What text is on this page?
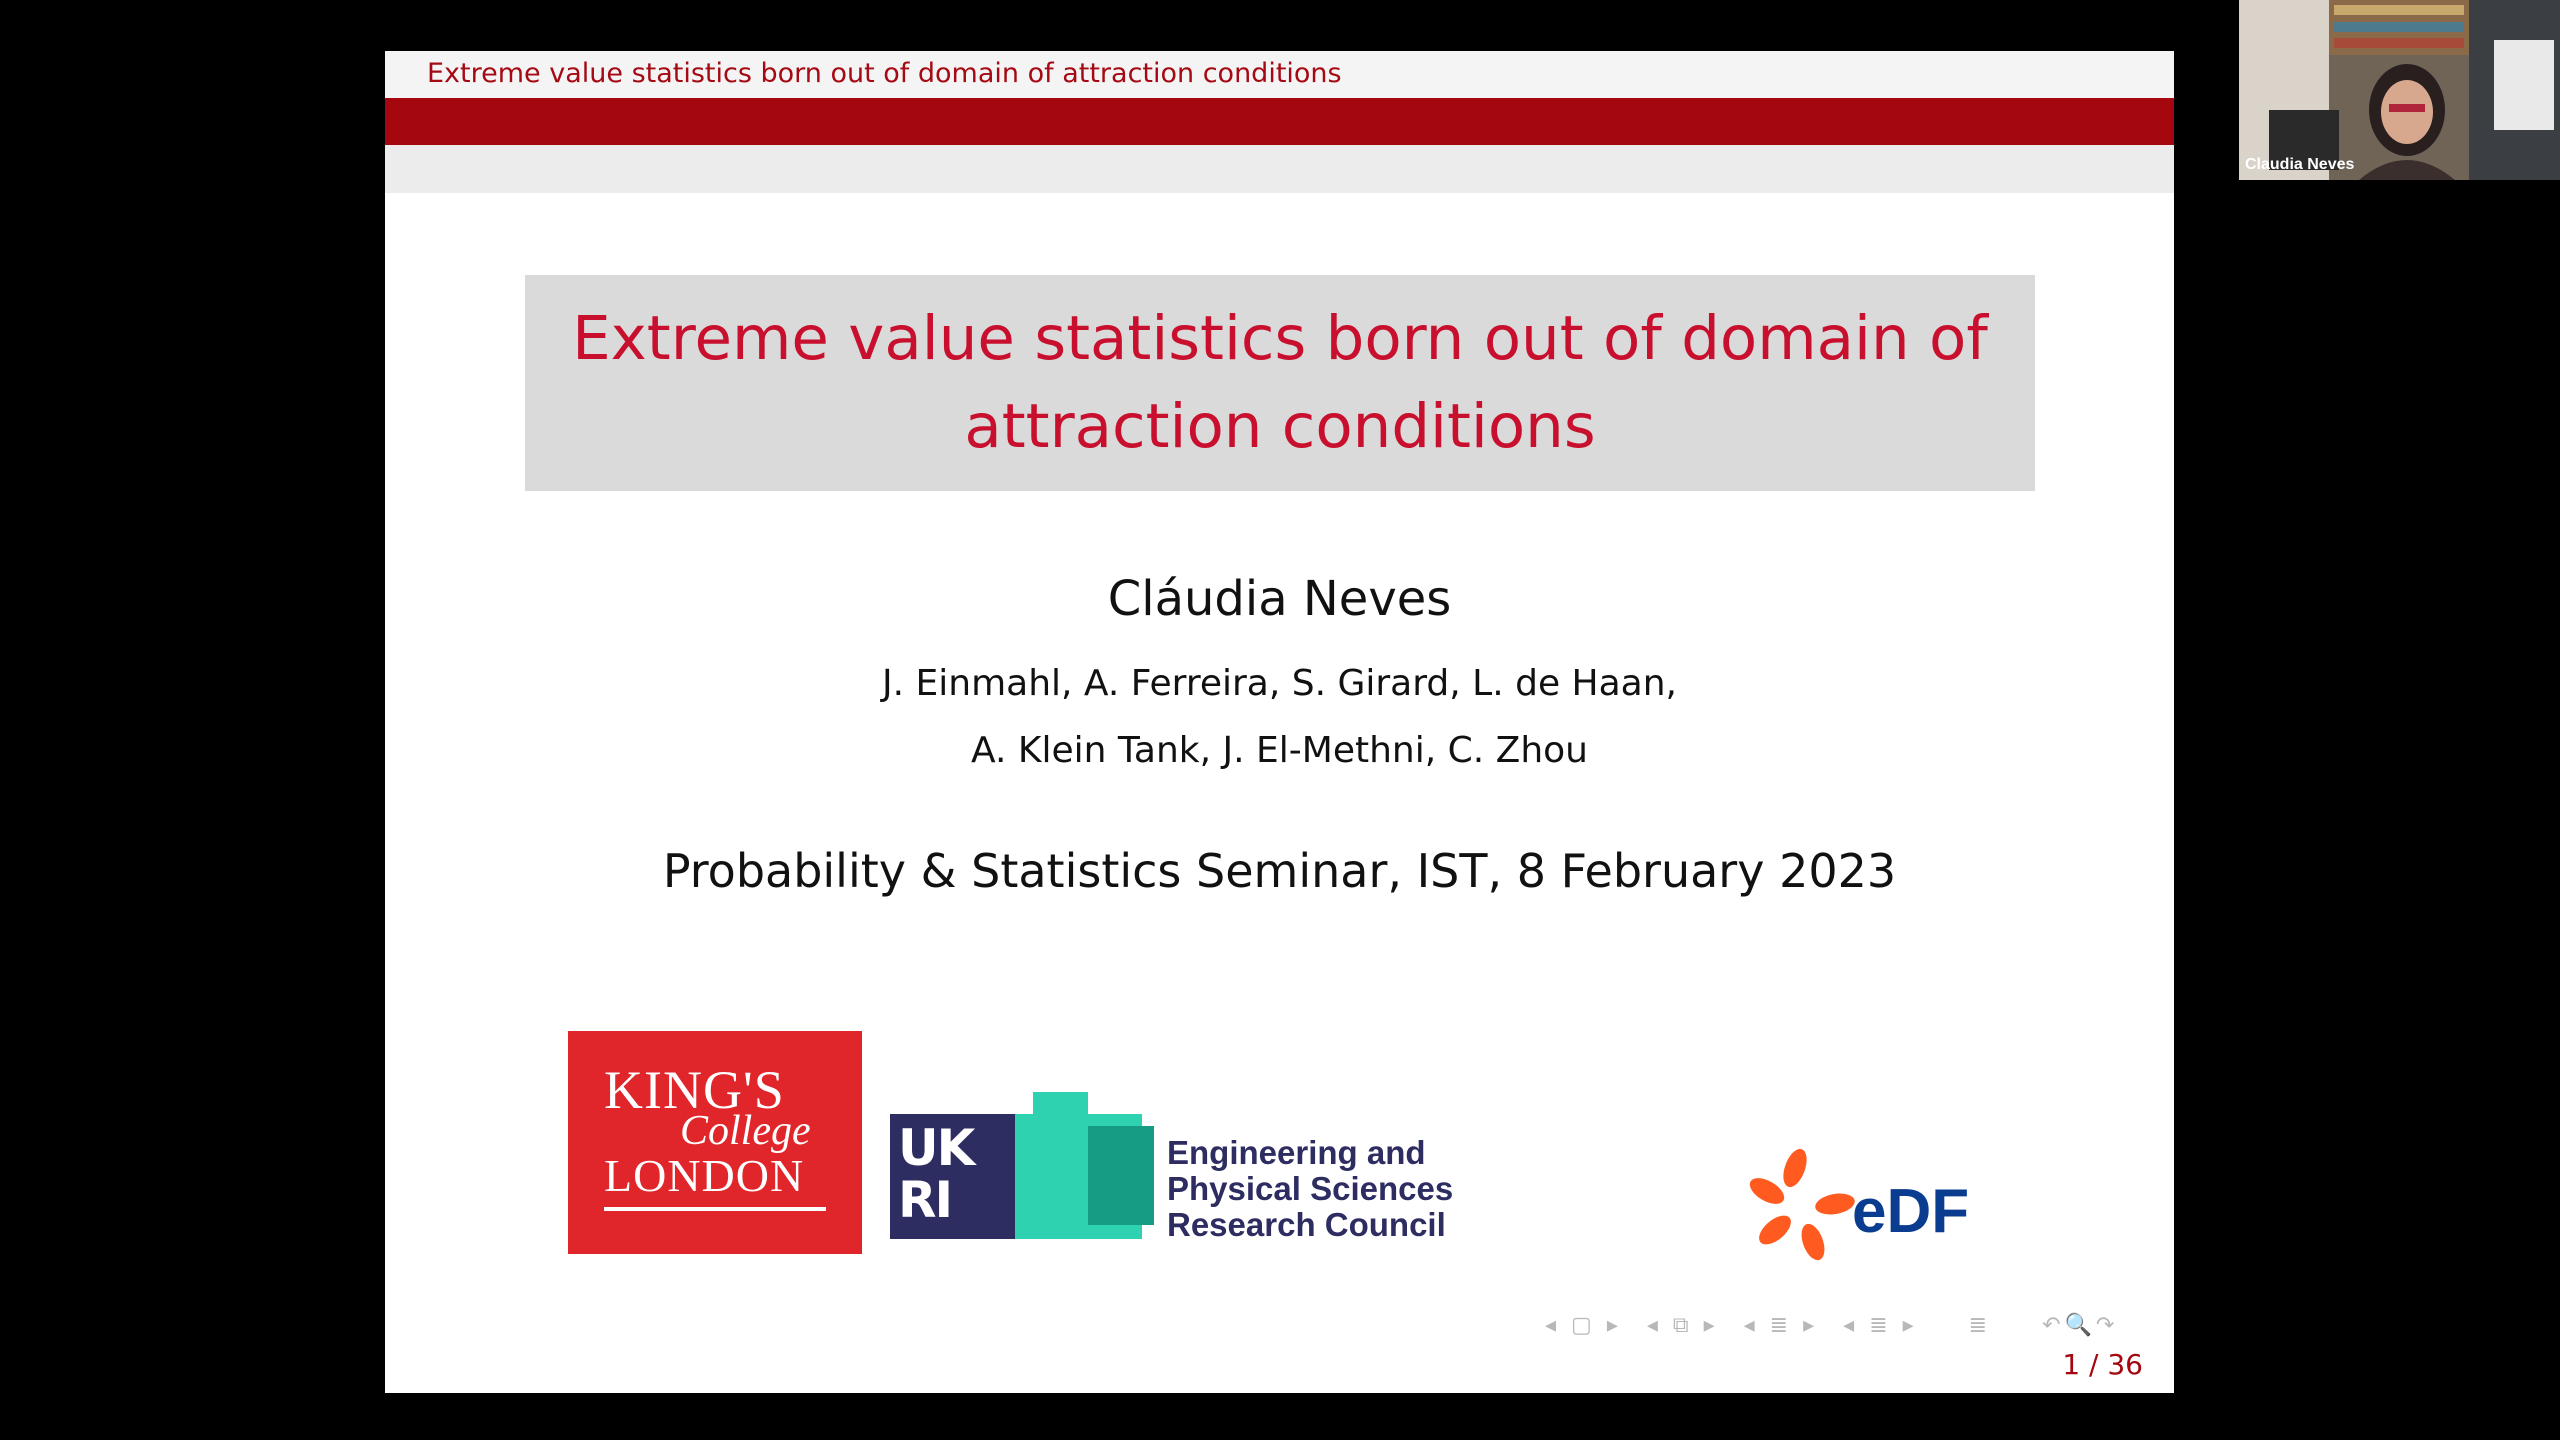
Extreme value statistics born out of domain of attraction conditions
Extreme value statistics born out of domain of attraction conditions
Cláudia Neves
J. Einmahl, A. Ferreira, S. Girard, L. de Haan,
A. Klein Tank, J. El-Methni, C. Zhou
Probability & Statistics Seminar, IST, 8 February 2023
KING'S
College
LONDON UK
RI
Engineering and
Physical Sciences
Research Council	eDF
◂ ▢ ▸ ◂ ⧉ ▸ ◂ ≣ ▸ ◂ ≣ ▸ ≣ ↶🔍↷
1 / 36
Claudia Neves
